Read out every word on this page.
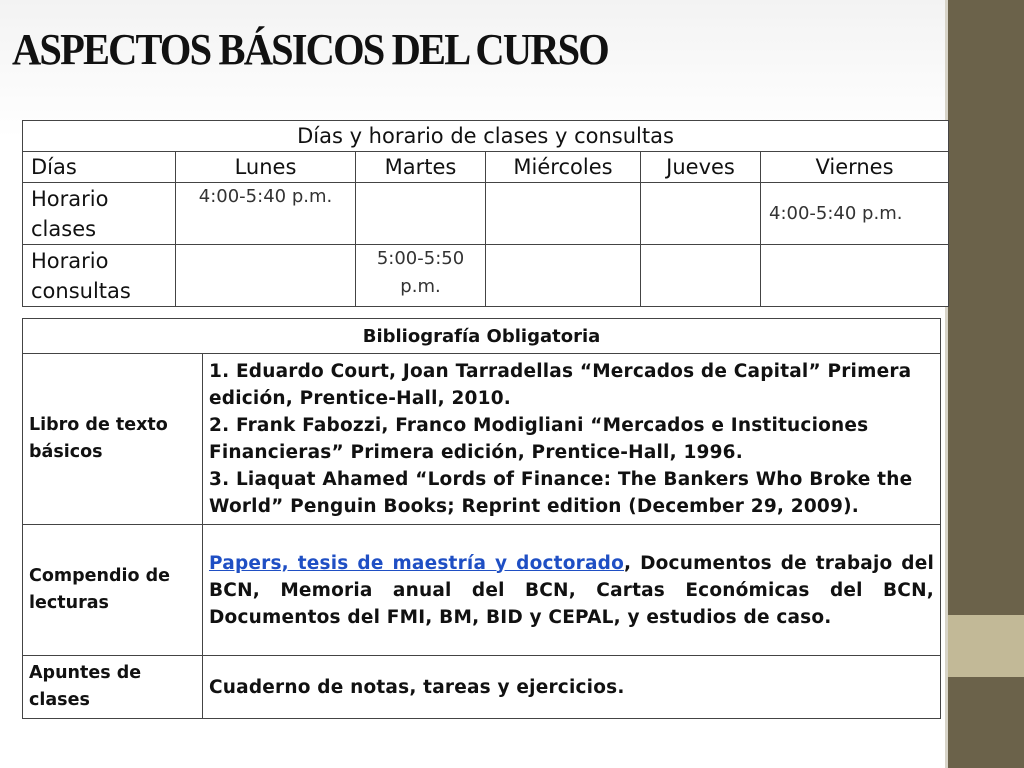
ASPECTOS BÁSICOS DEL CURSO
Días y horario de clases y consultas					
Días	Lunes	Martes	Miércoles	Jueves	Viernes
Horario clases	4:00-5:40 p.m.				4:00-5:40 p.m.
Horario consultas		5:00-5:50 p.m.			
Bibliografía Obligatoria	
Libro de texto básicos	1. Eduardo Court, Joan Tarradellas “Mercados de Capital” Primera edición, Prentice-Hall, 2010.
2. Frank Fabozzi, Franco Modigliani “Mercados e Instituciones Financieras” Primera edición, Prentice-Hall, 1996.
3. Liaquat Ahamed “Lords of Finance: The Bankers Who Broke the World” Penguin Books; Reprint edition (December 29, 2009).

Compendio de lecturas	Papers, tesis de maestría y doctorado, Documentos de trabajo del BCN, Memoria anual del BCN, Cartas Económicas del BCN, Documentos del FMI, BM, BID y CEPAL, y estudios de caso.
Apuntes de clases	Cuaderno de notas, tareas y ejercicios.
